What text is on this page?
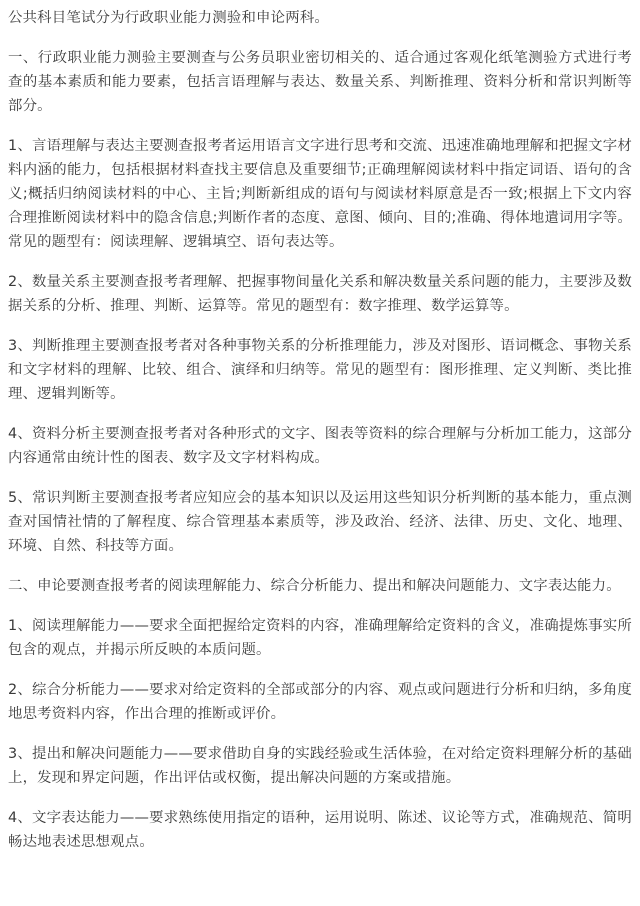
公共科目笔试分为行政职业能力测验和申论两科。

一、行政职业能力测验主要测查与公务员职业密切相关的、适合通过客观化纸笔测验方式进行考查的基本素质和能力要素，包括言语理解与表达、数量关系、判断推理、资料分析和常识判断等部分。

1、言语理解与表达主要测查报考者运用语言文字进行思考和交流、迅速准确地理解和把握文字材料内涵的能力，包括根据材料查找主要信息及重要细节;正确理解阅读材料中指定词语、语句的含义;概括归纳阅读材料的中心、主旨;判断新组成的语句与阅读材料原意是否一致;根据上下文内容合理推断阅读材料中的隐含信息;判断作者的态度、意图、倾向、目的;准确、得体地遣词用字等。常见的题型有：阅读理解、逻辑填空、语句表达等。

2、数量关系主要测查报考者理解、把握事物间量化关系和解决数量关系问题的能力，主要涉及数据关系的分析、推理、判断、运算等。常见的题型有：数字推理、数学运算等。

3、判断推理主要测查报考者对各种事物关系的分析推理能力，涉及对图形、语词概念、事物关系和文字材料的理解、比较、组合、演绎和归纳等。常见的题型有：图形推理、定义判断、类比推理、逻辑判断等。

4、资料分析主要测查报考者对各种形式的文字、图表等资料的综合理解与分析加工能力，这部分内容通常由统计性的图表、数字及文字材料构成。

5、常识判断主要测查报考者应知应会的基本知识以及运用这些知识分析判断的基本能力，重点测查对国情社情的了解程度、综合管理基本素质等，涉及政治、经济、法律、历史、文化、地理、环境、自然、科技等方面。

二、申论要测查报考者的阅读理解能力、综合分析能力、提出和解决问题能力、文字表达能力。

1、阅读理解能力——要求全面把握给定资料的内容，准确理解给定资料的含义，准确提炼事实所包含的观点，并揭示所反映的本质问题。

2、综合分析能力——要求对给定资料的全部或部分的内容、观点或问题进行分析和归纳，多角度地思考资料内容，作出合理的推断或评价。

3、提出和解决问题能力——要求借助自身的实践经验或生活体验，在对给定资料理解分析的基础上，发现和界定问题，作出评估或权衡，提出解决问题的方案或措施。

4、文字表达能力——要求熟练使用指定的语种，运用说明、陈述、议论等方式，准确规范、简明畅达地表述思想观点。
